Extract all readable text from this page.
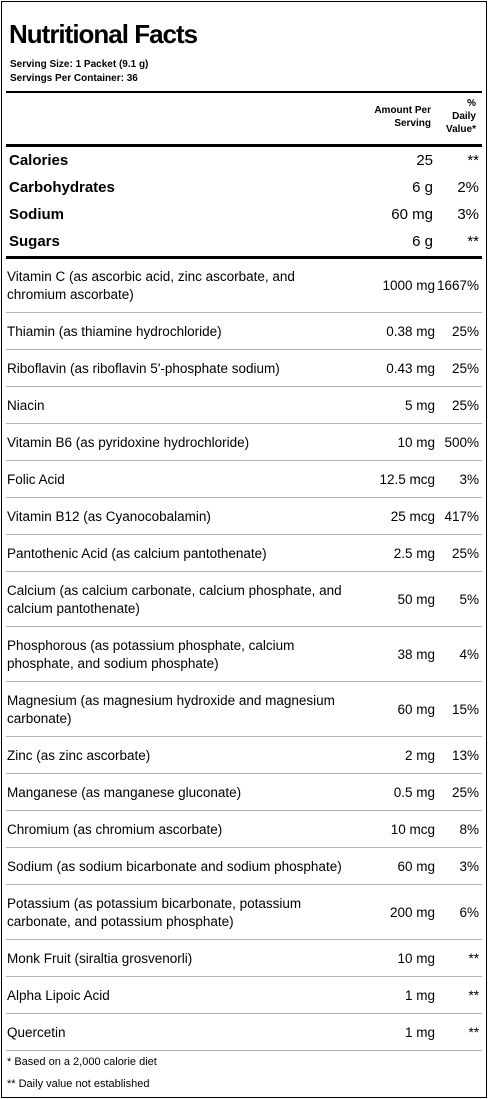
Nutritional Facts
Serving Size: 1 Packet (9.1 g)
Servings Per Container: 36
Amount Per
Serving
%
Daily
Value*
Calories	25	**
Carbohydrates	6 g	2%
Sodium	60 mg	3%
Sugars	6 g	**
Vitamin C (as ascorbic acid, zinc ascorbate, and chromium ascorbate)
1000 mg 1667%
Thiamin (as thiamine hydrochloride)	0.38 mg	25%
Riboflavin (as riboflavin 5'-phosphate sodium)	0.43 mg	25%
Niacin	5 mg	25%
Vitamin B6 (as pyridoxine hydrochloride)	10 mg 500%
Folic Acid	12.5 mcg	3%
Vitamin B12 (as Cyanocobalamin)	25 mcg 417%
Pantothenic Acid (as calcium pantothenate)	2.5 mg	25%
Calcium (as calcium carbonate, calcium phosphate, and calcium pantothenate)
50 mg	5%
Phosphorous (as potassium phosphate, calcium phosphate, and sodium phosphate)
38 mg	4%
Magnesium (as magnesium hydroxide and magnesium carbonate)
60 mg	15%
Zinc (as zinc ascorbate)	2 mg	13%
Manganese (as manganese gluconate)	0.5 mg	25%
Chromium (as chromium ascorbate)	10 mcg	8%
Sodium (as sodium bicarbonate and sodium phosphate)	60 mg	3%
Potassium (as potassium bicarbonate, potassium carbonate, and potassium phosphate)
200 mg	6%
Monk Fruit (siraltia grosvenorli)	10 mg	**
Alpha Lipoic Acid	1 mg	**
Quercetin	1 mg	**
* Based on a 2,000 calorie diet
** Daily value not established
